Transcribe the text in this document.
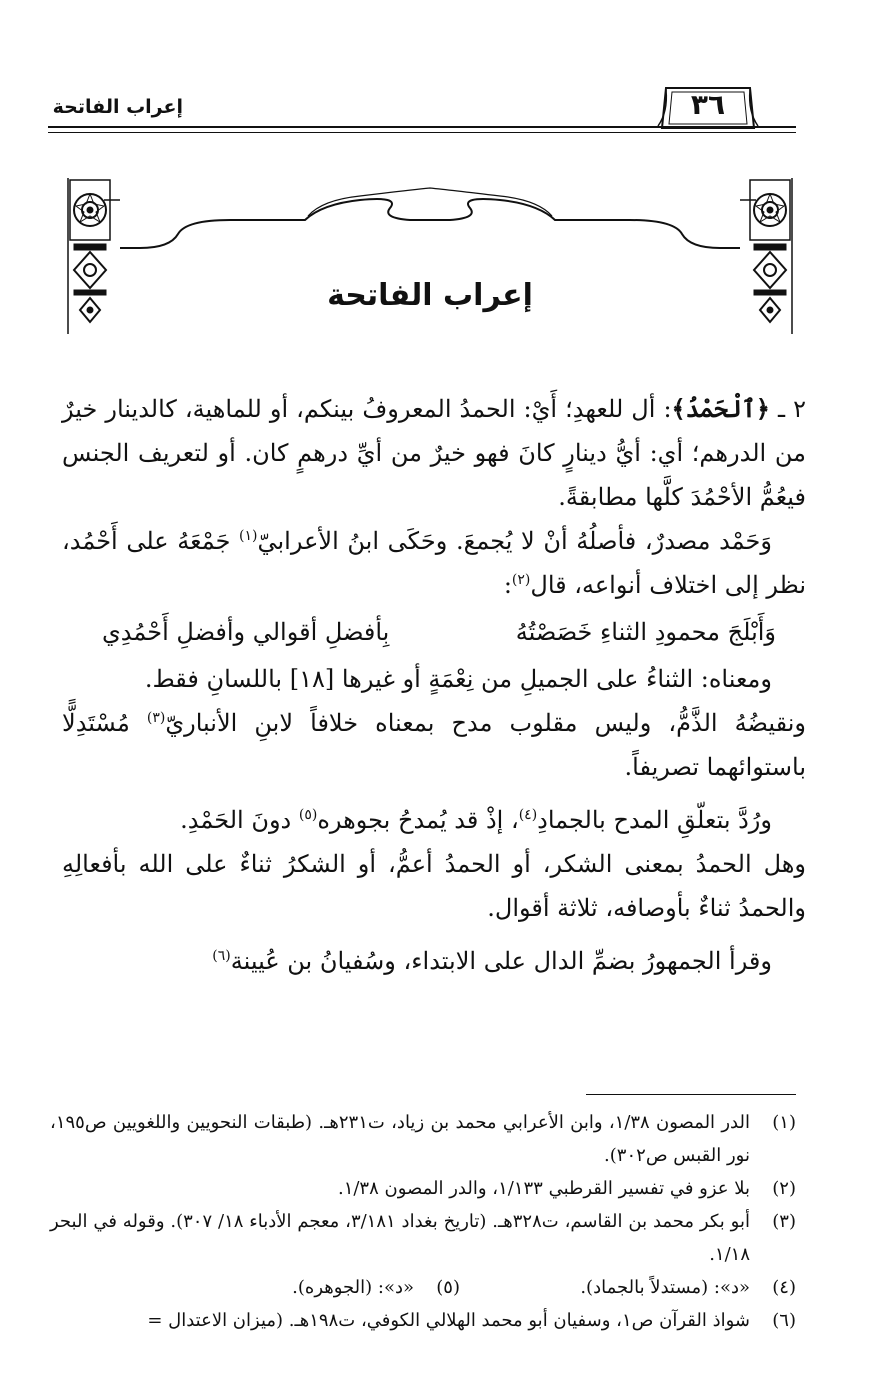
إعراب الفاتحة	٣٦
إعراب الفاتحة

٢ ـ ﴿ٱلْحَمْدُ﴾: أل للعهدِ؛ أَيْ: الحمدُ المعروفُ بينكم، أو للماهية، كالدينار خيرٌ من الدرهم؛ أي: أيُّ دينارٍ كانَ فهو خيرٌ من أيِّ درهمٍ كان. أو لتعريف الجنس فيعُمُّ الأحْمُدَ كلَّها مطابقةً.

وَحَمْد مصدرٌ، فأصلُهُ أنْ لا يُجمعَ. وحَكَى ابنُ الأعرابيّ$^{(١)}$ جَمْعَهُ على أَحْمُد، نظر إلى اختلاف أنواعه، قال$^{(٢)}$:

وَأَبْلَجَ محمودِ الثناءِ خَصَصْتُهُ
بِأفضلِ أقوالي وأفضلِ أَحْمُدِي

ومعناه: الثناءُ على الجميلِ من نِعْمَةٍ أو غيرها [١٨] باللسانِ فقط.

ونقيضُهُ الذَّمُّ، وليس مقلوب مدح بمعناه خلافاً لابنِ الأنباريّ$^{(٣)}$ مُسْتَدِلًّا باستوائهما تصريفاً.

ورُدَّ بتعلّقِ المدح بالجمادِ$^{(٤)}$، إذْ قد يُمدحُ بجوهره$^{(٥)}$ دونَ الحَمْدِ.

وهل الحمدُ بمعنى الشكر، أو الحمدُ أعمُّ، أو الشكرُ ثناءٌ على الله بأفعالِهِ والحمدُ ثناءٌ بأوصافه، ثلاثة أقوال.

وقرأ الجمهورُ بضمِّ الدال على الابتداء، وسُفيانُ بن عُيينة$^{(٦)}$

(١)
الدر المصون ١/٣٨، وابن الأعرابي محمد بن زياد، ت٢٣١هـ. (طبقات النحويين واللغويين ص١٩٥، نور القبس ص٣٠٢).
(٢)
بلا عزو في تفسير القرطبي ١/١٣٣، والدر المصون ١/٣٨.
(٣)
أبو بكر محمد بن القاسم، ت٣٢٨هـ. (تاريخ بغداد ٣/١٨١، معجم الأدباء ١٨/ ٣٠٧). وقوله في البحر ١/١٨.
(٤)
«د»: (مستدلاً بالجماد).
(٥)
«د»: (الجوهره).
(٦)
شواذ القرآن ص١، وسفيان أبو محمد الهلالي الكوفي، ت١٩٨هـ. (ميزان الاعتدال =
